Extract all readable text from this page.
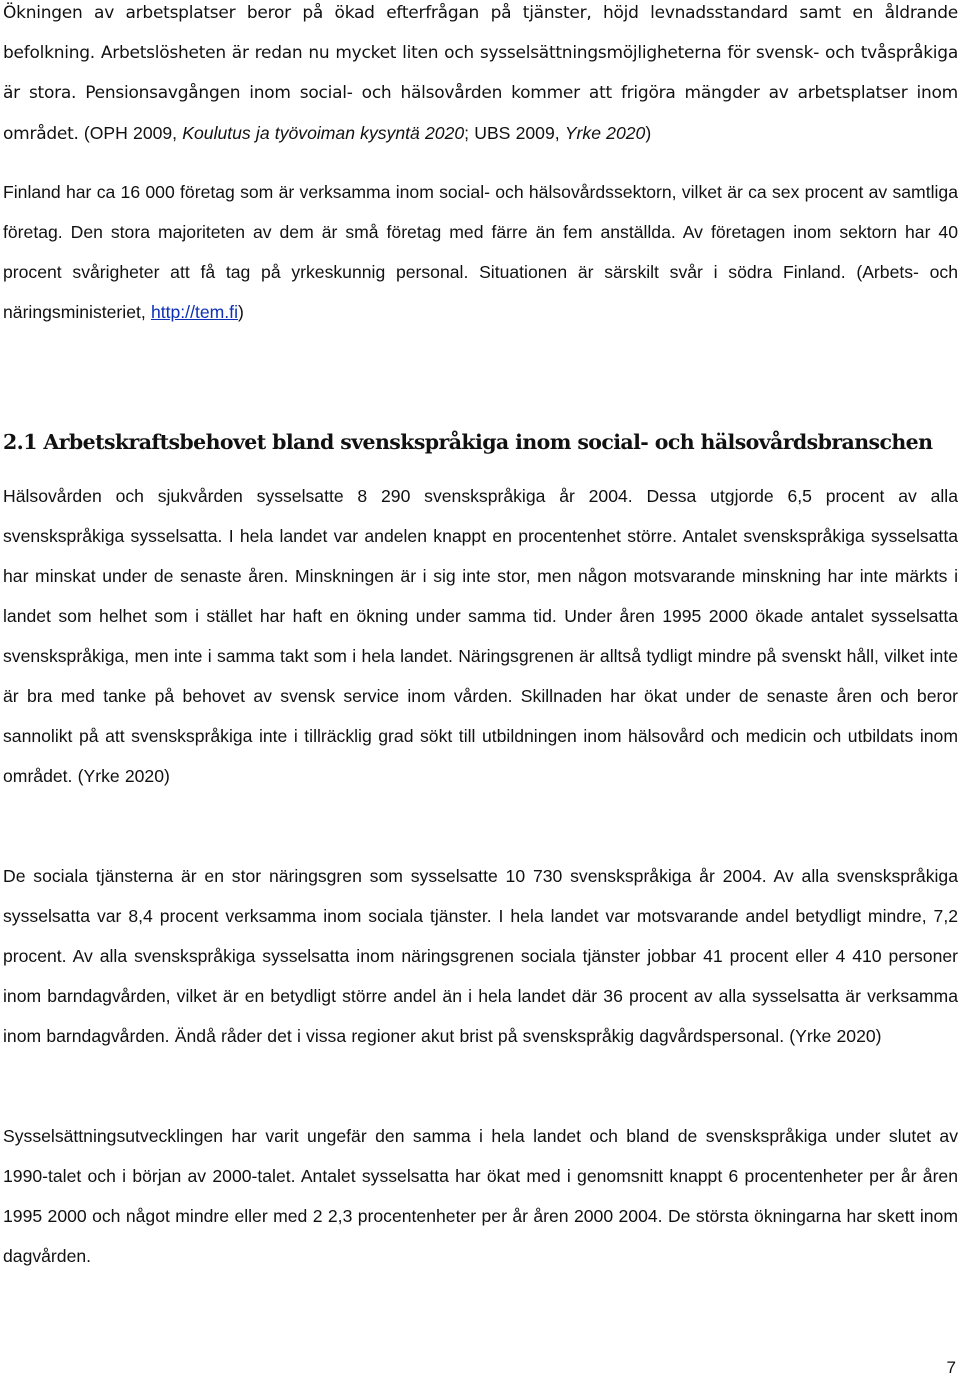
Ökningen av arbetsplatser beror på ökad efterfrågan på tjänster, höjd levnadsstandard samt en åldrande befolkning. Arbetslösheten är redan nu mycket liten och sysselsättningsmöjligheterna för svensk- och tvåspråkiga är stora. Pensionsavgången inom social- och hälsovården kommer att frigöra mängder av arbetsplatser inom området. (OPH 2009, Koulutus ja työvoiman kysyntä 2020; UBS 2009, Yrke 2020)

Finland har ca 16 000 företag som är verksamma inom social- och hälsovårdssektorn, vilket är ca sex procent av samtliga företag. Den stora majoriteten av dem är små företag med färre än fem anställda. Av företagen inom sektorn har 40 procent svårigheter att få tag på yrkeskunnig personal. Situationen är särskilt svår i södra Finland. (Arbets- och näringsministeriet, http://tem.fi)

2.1 Arbetskraftsbehovet bland svenskspråkiga inom social- och hälsovårdsbranschen

Hälsovården och sjukvården sysselsatte 8 290 svenskspråkiga år 2004. Dessa utgjorde 6,5 procent av alla svenskspråkiga sysselsatta. I hela landet var andelen knappt en procentenhet större. Antalet svenskspråkiga sysselsatta har minskat under de senaste åren. Minskningen är i sig inte stor, men någon motsvarande minskning har inte märkts i landet som helhet som i stället har haft en ökning under samma tid. Under åren 1995 2000 ökade antalet sysselsatta svenskspråkiga, men inte i samma takt som i hela landet. Näringsgrenen är alltså tydligt mindre på svenskt håll, vilket inte är bra med tanke på behovet av svensk service inom vården. Skillnaden har ökat under de senaste åren och beror sannolikt på att svenskspråkiga inte i tillräcklig grad sökt till utbildningen inom hälsovård och medicin och utbildats inom området. (Yrke 2020)

De sociala tjänsterna är en stor näringsgren som sysselsatte 10 730 svenskspråkiga år 2004. Av alla svenskspråkiga sysselsatta var 8,4 procent verksamma inom sociala tjänster. I hela landet var motsvarande andel betydligt mindre, 7,2 procent. Av alla svenskspråkiga sysselsatta inom näringsgrenen sociala tjänster jobbar 41 procent eller 4 410 personer inom barndagvården, vilket är en betydligt större andel än i hela landet där 36 procent av alla sysselsatta är verksamma inom barndagvården. Ändå råder det i vissa regioner akut brist på svenskspråkig dagvårdspersonal. (Yrke 2020)

Sysselsättningsutvecklingen har varit ungefär den samma i hela landet och bland de svenskspråkiga under slutet av 1990-talet och i början av 2000-talet. Antalet sysselsatta har ökat med i genomsnitt knappt 6 procentenheter per år åren 1995 2000 och något mindre eller med 2 2,3 procentenheter per år åren 2000 2004. De största ökningarna har skett inom dagvården.

7
